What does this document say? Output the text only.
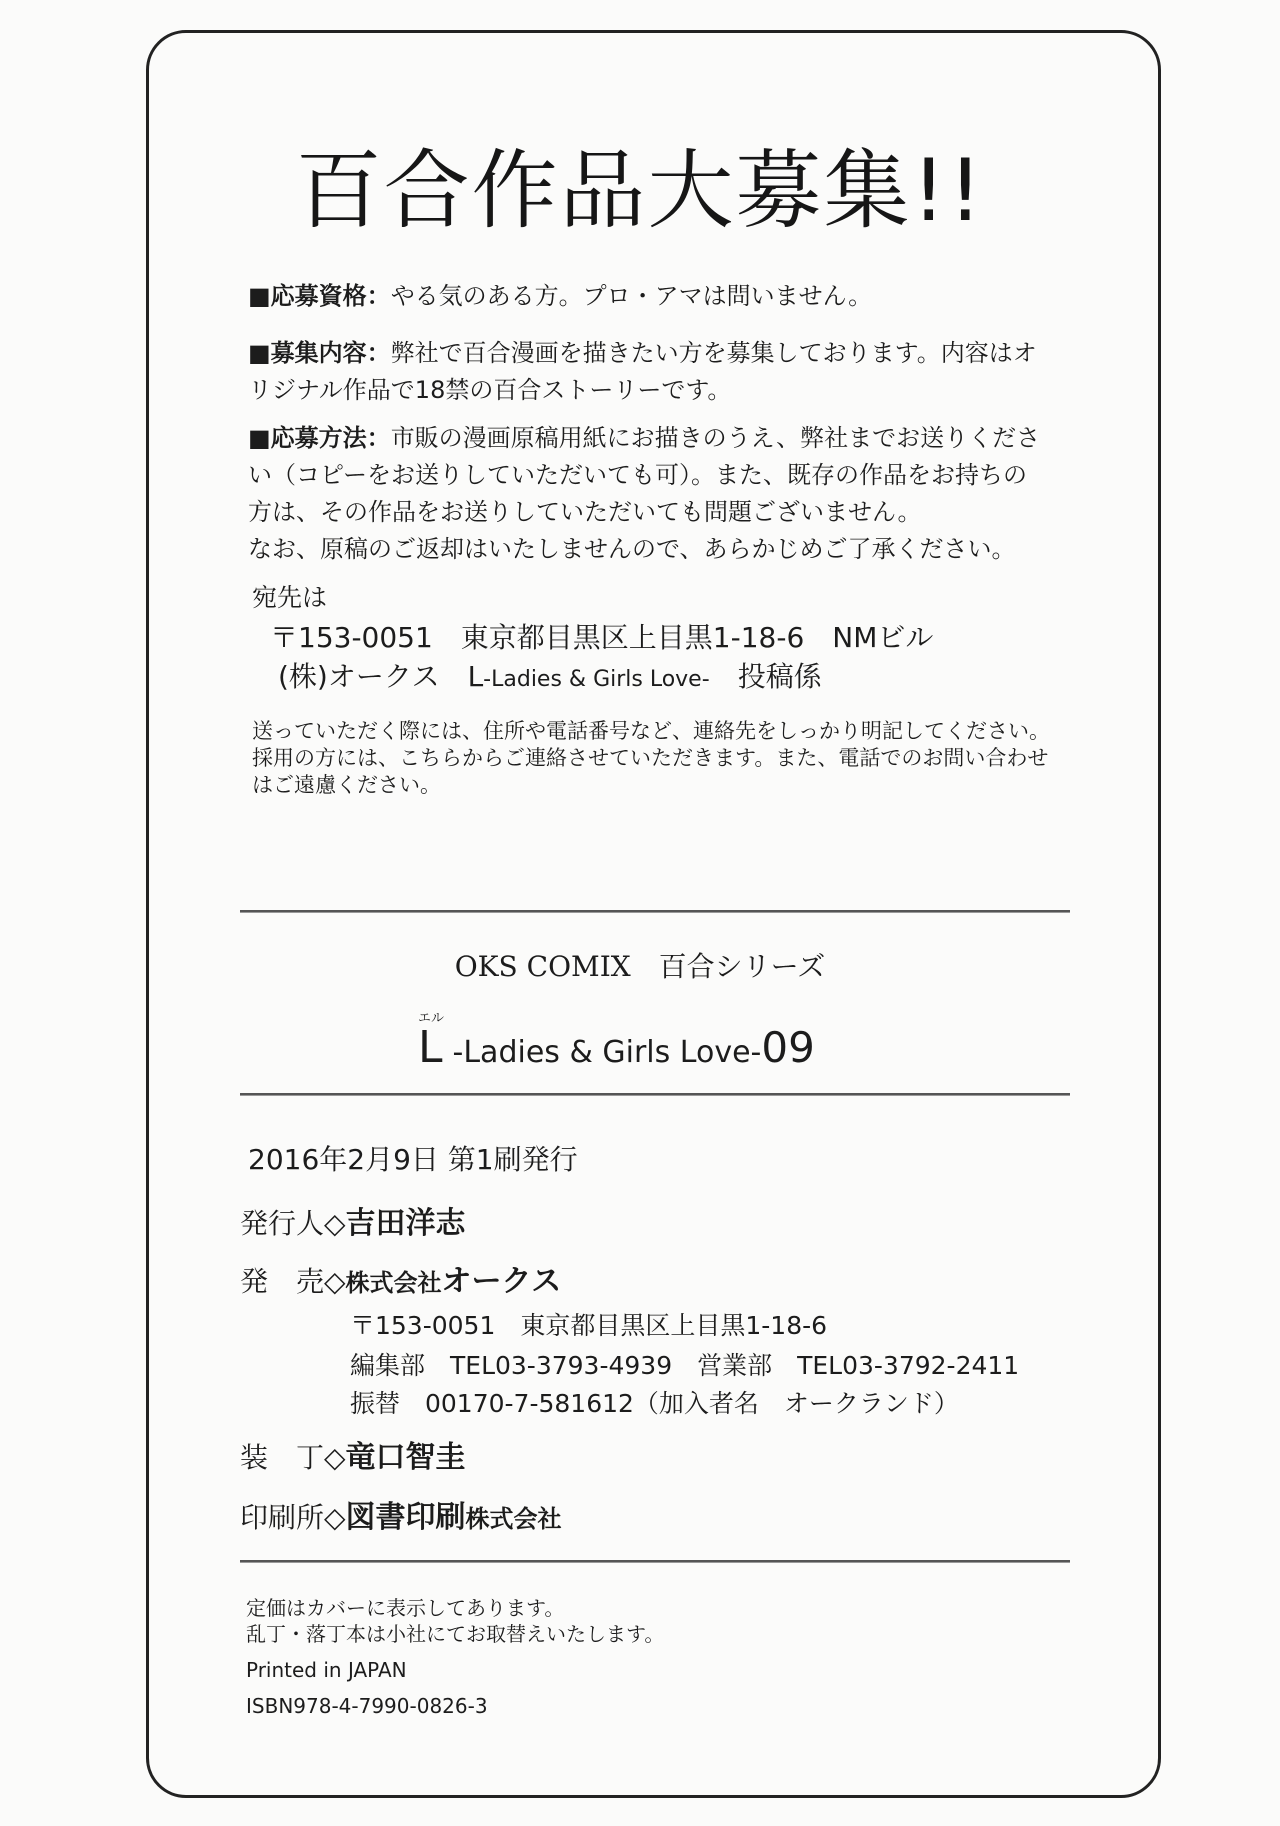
百合作品大募集!!
■応募資格：やる気のある方。プロ・アマは問いません。
■募集内容：弊社で百合漫画を描きたい方を募集しております。内容はオ
リジナル作品で18禁の百合ストーリーです。
■応募方法：市販の漫画原稿用紙にお描きのうえ、弊社までお送りくださ
い（コピーをお送りしていただいても可）。また、既存の作品をお持ちの
方は、その作品をお送りしていただいても問題ございません。
なお、原稿のご返却はいたしませんので、あらかじめご了承ください。
宛先は
〒153-0051　東京都目黒区上目黒1-18-6　NMビル
(株)オークス　L-Ladies & Girls Love-　 投稿係
送っていただく際には、住所や電話番号など、連絡先をしっかり明記してください。
採用の方には、こちらからご連絡させていただきます。また、電話でのお問い合わせ
はご遠慮ください。
OKS COMIX　百合シリーズ
エル
L -Ladies & Girls Love-09
2016年2月9日 第1刷発行
発行人◇吉田洋志
発　売◇株式会社オークス
〒153-0051　東京都目黒区上目黒1-18-6
編集部　TEL03-3793-4939　営業部　TEL03-3792-2411
振替　00170-7-581612（加入者名　オークランド）
装　丁◇竜口智圭
印刷所◇図書印刷株式会社
定価はカバーに表示してあります。
乱丁・落丁本は小社にてお取替えいたします。
Printed in JAPAN
ISBN978-4-7990-0826-3
